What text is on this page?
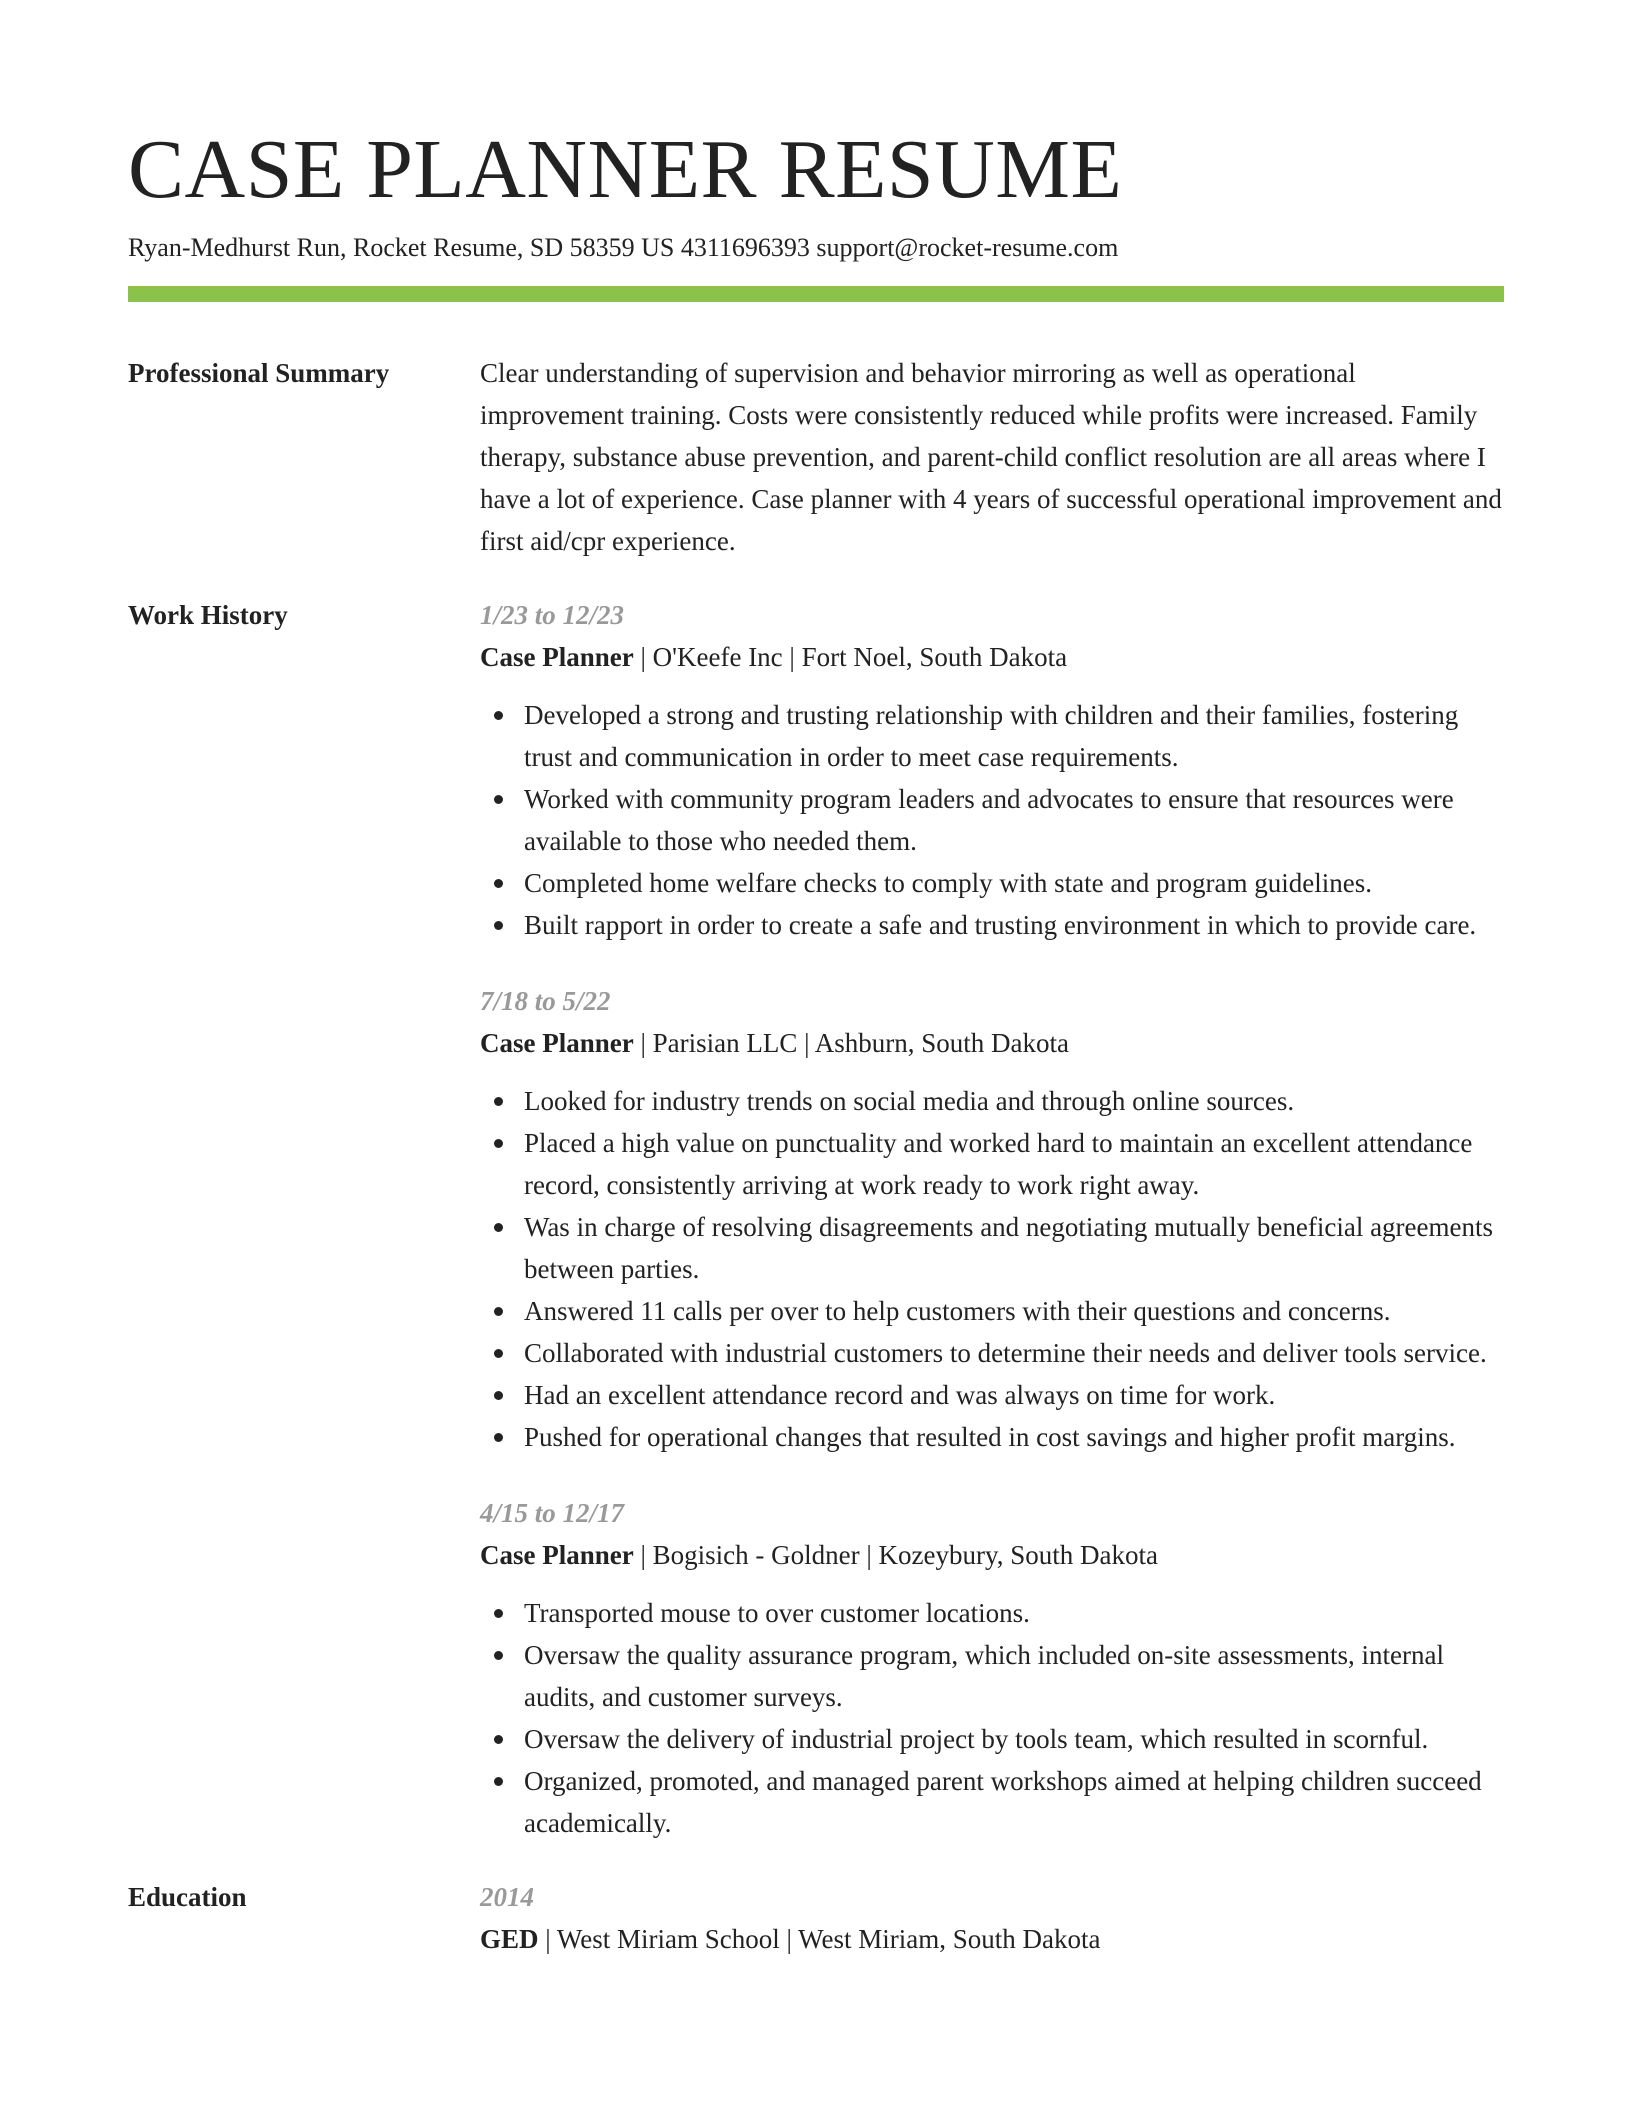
CASE PLANNER RESUME
Ryan-Medhurst Run, Rocket Resume, SD 58359 US 4311696393 support@rocket-resume.com
Professional Summary	Clear understanding of supervision and behavior mirroring as well as operational improvement training. Costs were consistently reduced while profits were increased. Family therapy, substance abuse prevention, and parent-child conflict resolution are all areas where I have a lot of experience. Case planner with 4 years of successful operational improvement and first aid/cpr experience.
Work History	1/23 to 12/23
Case Planner | O'Keefe Inc | Fort Noel, South Dakota
Developed a strong and trusting relationship with children and their families, fostering trust and communication in order to meet case requirements.
Worked with community program leaders and advocates to ensure that resources were available to those who needed them.
Completed home welfare checks to comply with state and program guidelines.
Built rapport in order to create a safe and trusting environment in which to provide care.
7/18 to 5/22
Case Planner | Parisian LLC | Ashburn, South Dakota
Looked for industry trends on social media and through online sources.
Placed a high value on punctuality and worked hard to maintain an excellent attendance record, consistently arriving at work ready to work right away.
Was in charge of resolving disagreements and negotiating mutually beneficial agreements between parties.
Answered 11 calls per over to help customers with their questions and concerns.
Collaborated with industrial customers to determine their needs and deliver tools service.
Had an excellent attendance record and was always on time for work.
Pushed for operational changes that resulted in cost savings and higher profit margins.
4/15 to 12/17
Case Planner | Bogisich - Goldner | Kozeybury, South Dakota
Transported mouse to over customer locations.
Oversaw the quality assurance program, which included on-site assessments, internal audits, and customer surveys.
Oversaw the delivery of industrial project by tools team, which resulted in scornful.
Organized, promoted, and managed parent workshops aimed at helping children succeed academically.
Education	2014
GED | West Miriam School | West Miriam, South Dakota
